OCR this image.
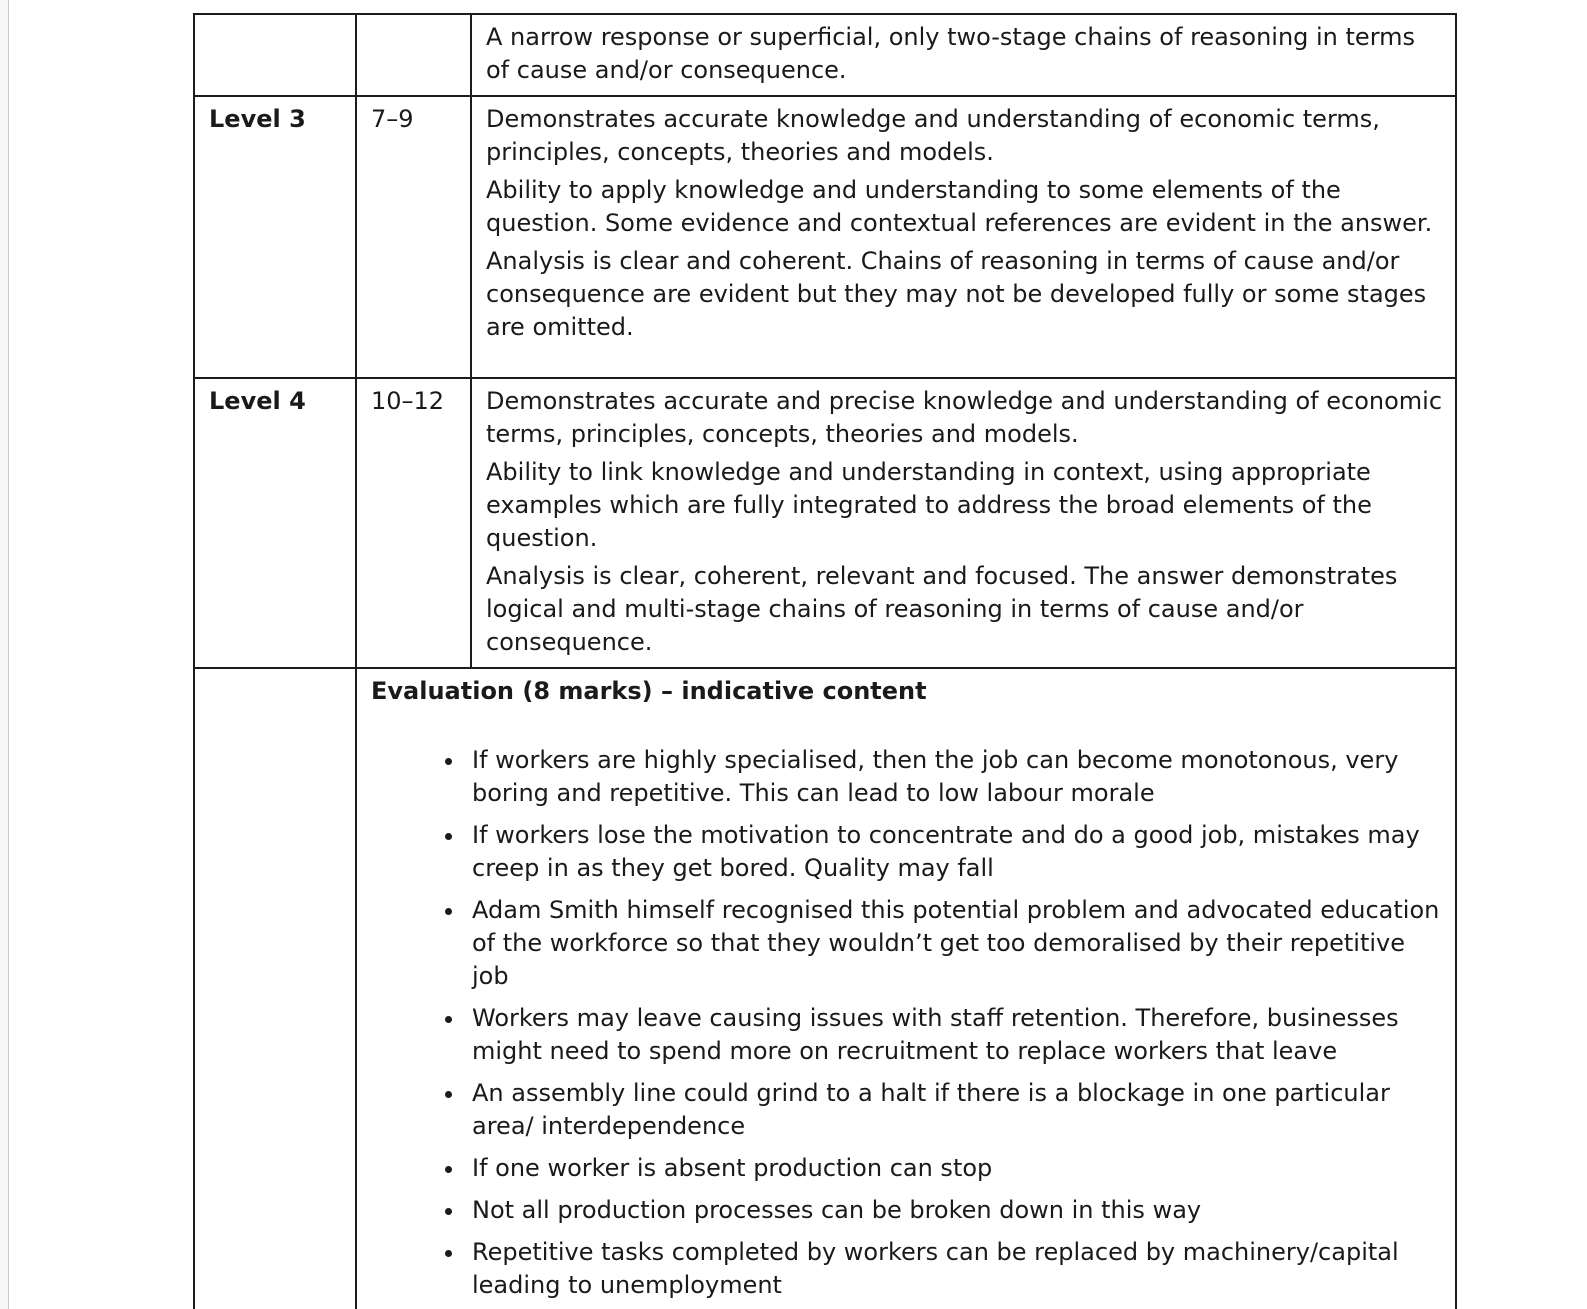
		A narrow response or superficial, only two-stage chains of reasoning in terms of cause and/or consequence.

Level 3	7–9	Demonstrates accurate knowledge and understanding of economic terms, principles, concepts, theories and models.

Ability to apply knowledge and understanding to some elements of the question. Some evidence and contextual references are evident in the answer.

Analysis is clear and coherent. Chains of reasoning in terms of cause and/or consequence are evident but they may not be developed fully or some stages are omitted.

Level 4	10–12	Demonstrates accurate and precise knowledge and understanding of economic terms, principles, concepts, theories and models.

Ability to link knowledge and understanding in context, using appropriate examples which are fully integrated to address the broad elements of the question.

Analysis is clear, coherent, relevant and focused. The answer demonstrates logical and multi-stage chains of reasoning in terms of cause and/or consequence.

Evaluation (8 marks) – indicative content

• If workers are highly specialised, then the job can become monotonous, very boring and repetitive. This can lead to low labour morale
• If workers lose the motivation to concentrate and do a good job, mistakes may creep in as they get bored. Quality may fall
• Adam Smith himself recognised this potential problem and advocated education of the workforce so that they wouldn’t get too demoralised by their repetitive job
• Workers may leave causing issues with staff retention. Therefore, businesses might need to spend more on recruitment to replace workers that leave
• An assembly line could grind to a halt if there is a blockage in one particular area/ interdependence
• If one worker is absent production can stop
• Not all production processes can be broken down in this way
• Repetitive tasks completed by workers can be replaced by machinery/capital leading to unemployment
